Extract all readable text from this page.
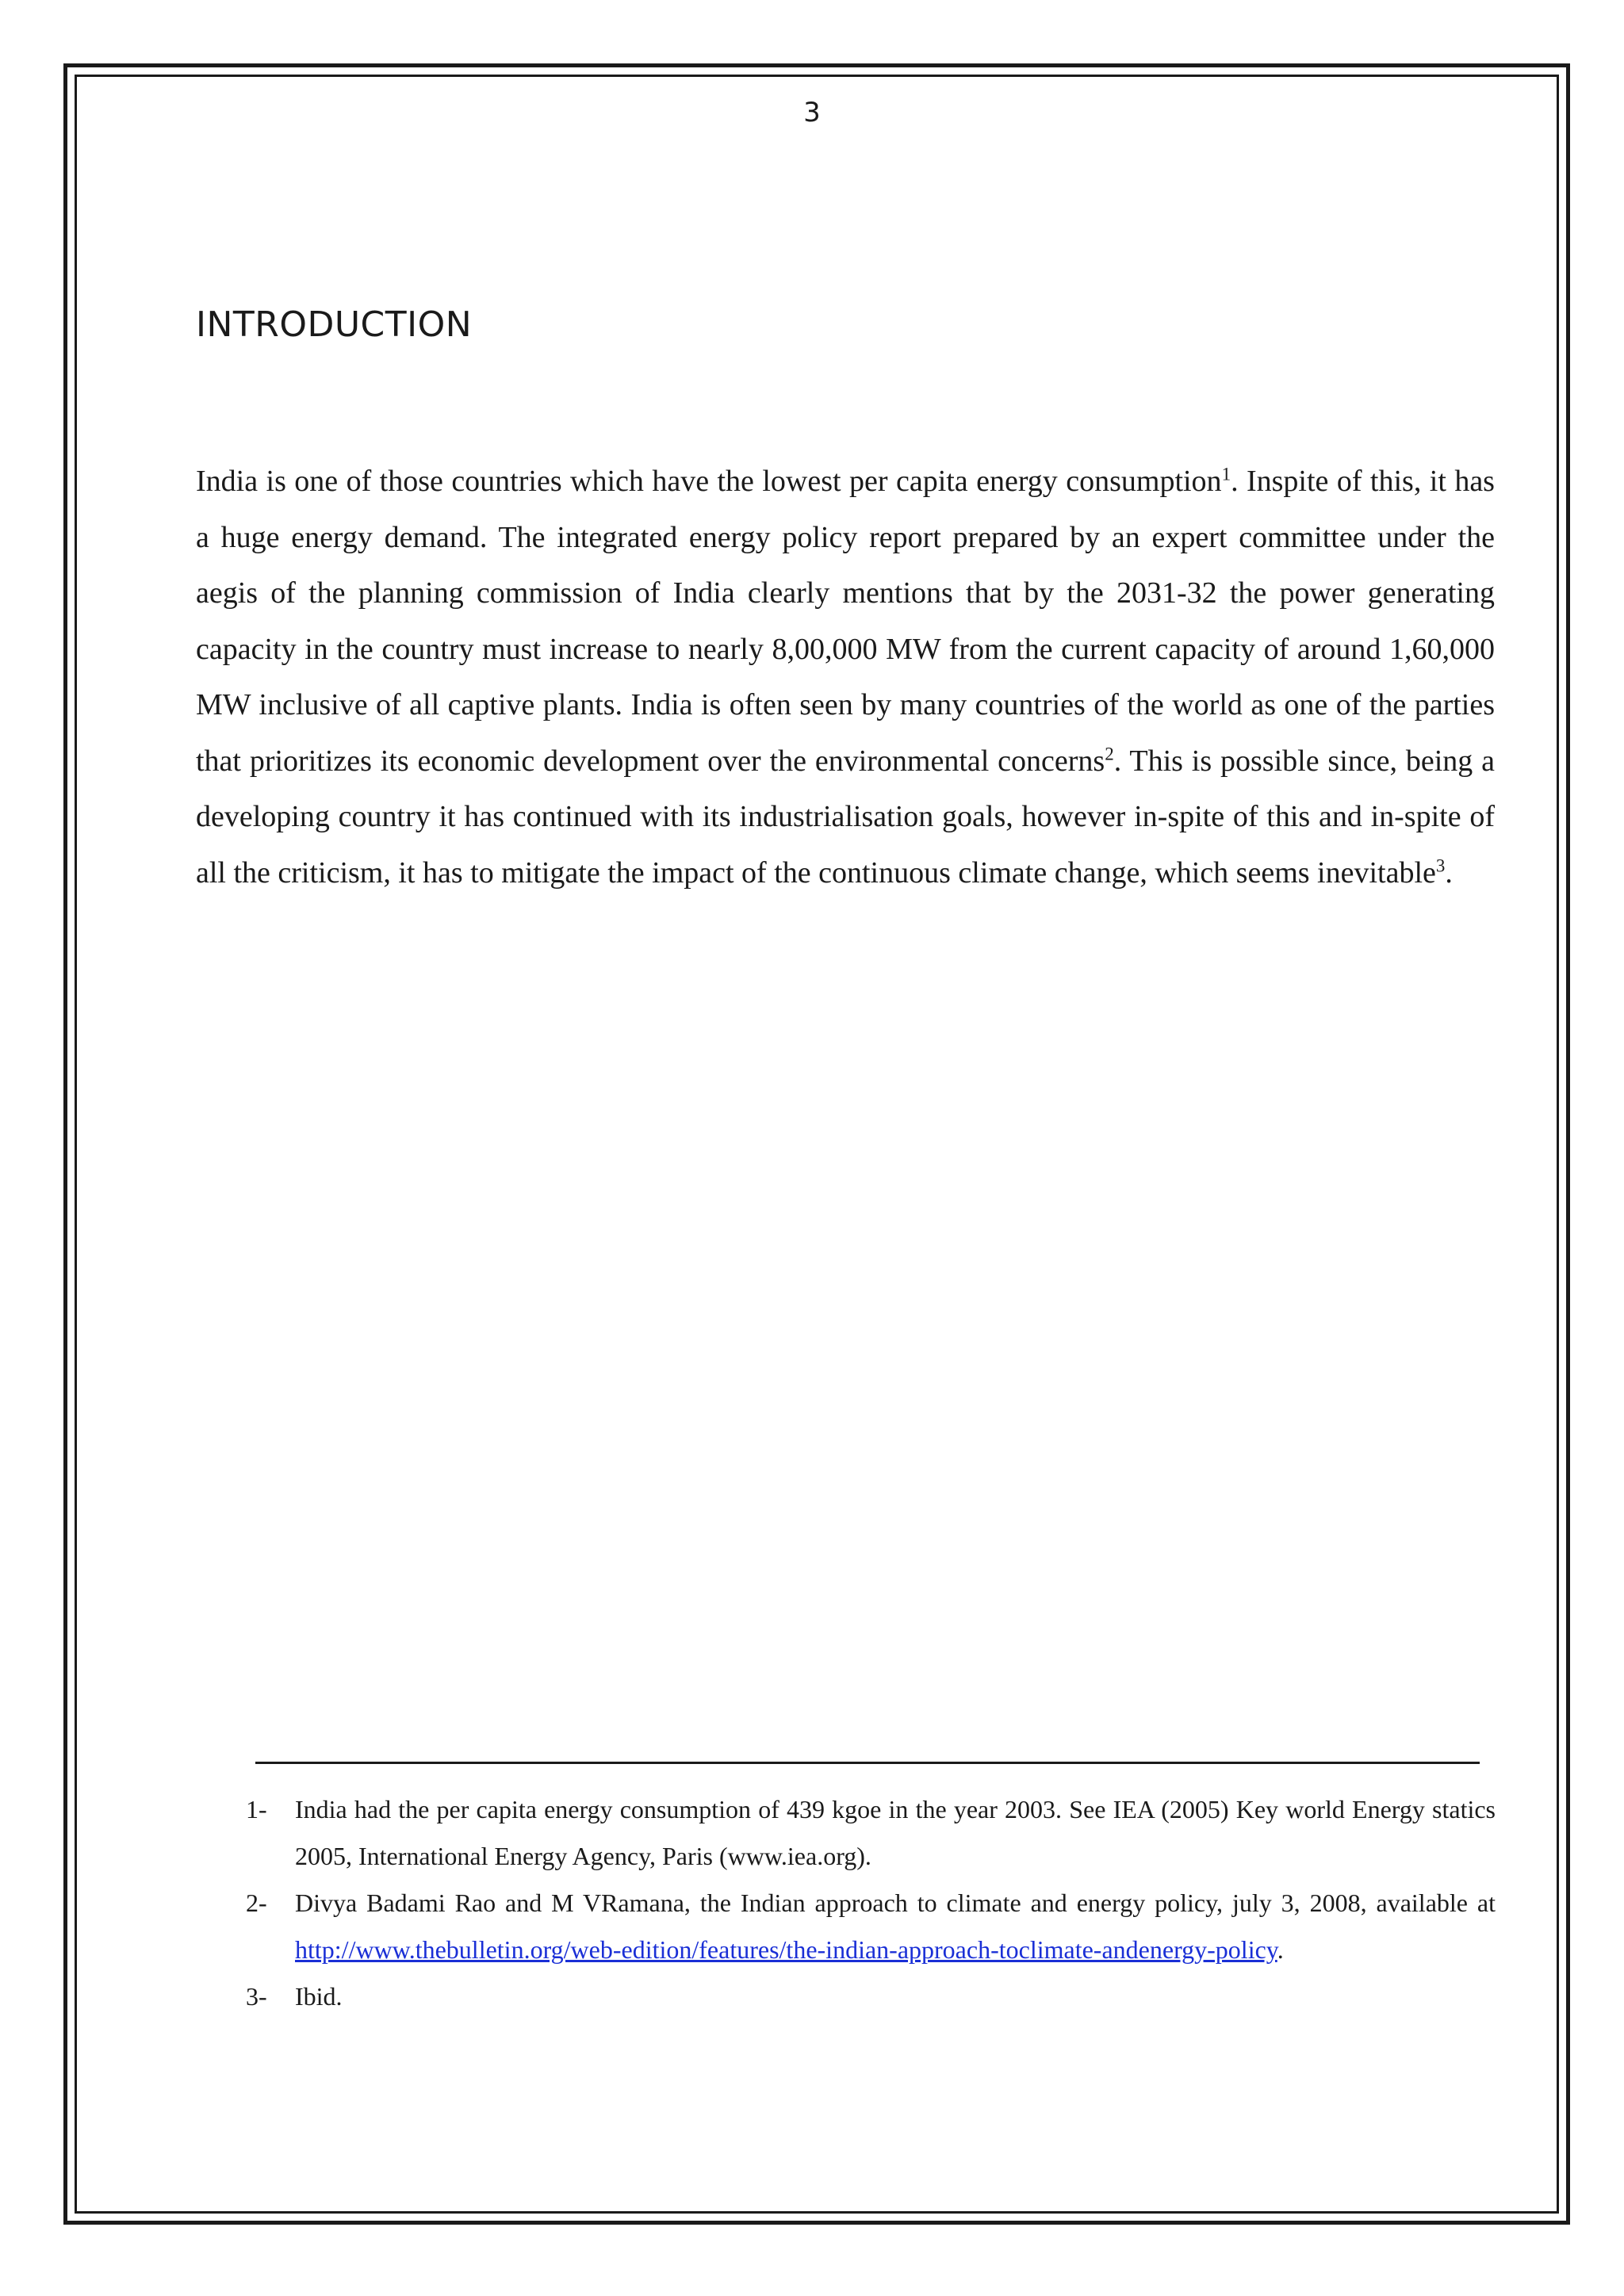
3
INTRODUCTION

India is one of those countries which have the lowest per capita energy consumption$^1$. Inspite of this, it has a huge energy demand. The integrated energy policy report prepared by an expert committee under the aegis of the planning commission of India clearly mentions that by the 2031-32 the power generating capacity in the country must increase to nearly 8,00,000 MW from the current capacity of around 1,60,000 MW inclusive of all captive plants. India is often seen by many countries of the world as one of the parties that prioritizes its economic development over the environmental concerns$^2$. This is possible since, being a developing country it has continued with its industrialisation goals, however in-spite of this and in-spite of all the criticism, it has to mitigate the impact of the continuous climate change, which seems inevitable$^3$.

1- India had the per capita energy consumption of 439 kgoe in the year 2003. See IEA (2005) Key world Energy statics 2005, International Energy Agency, Paris (www.iea.org).
2- Divya Badami Rao and M VRamana, the Indian approach to climate and energy policy, july 3, 2008, available at http://www.thebulletin.org/web-edition/features/the-indian-approach-toclimate-andenergy-policy.
3- Ibid.
